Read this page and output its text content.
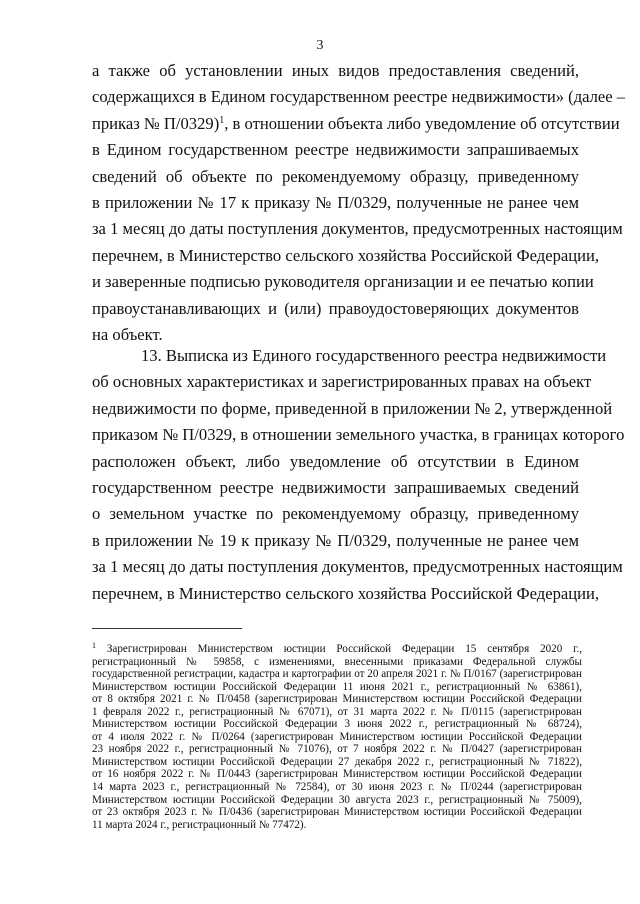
3
а также об установлении иных видов предоставления сведений,
содержащихся в Едином государственном реестре недвижимости» (далее –
приказ № П/0329)$^1$, в отношении объекта либо уведомление об отсутствии
в Едином государственном реестре недвижимости запрашиваемых
сведений об объекте по рекомендуемому образцу, приведенному
в приложении № 17 к приказу № П/0329, полученные не ранее чем
за 1 месяц до даты поступления документов, предусмотренных настоящим
перечнем, в Министерство сельского хозяйства Российской Федерации,
и заверенные подписью руководителя организации и ее печатью копии
правоустанавливающих и (или) правоудостоверяющих документов
на объект.
13. Выписка из Единого государственного реестра недвижимости
об основных характеристиках и зарегистрированных правах на объект
недвижимости по форме, приведенной в приложении № 2, утвержденной
приказом № П/0329, в отношении земельного участка, в границах которого
расположен объект, либо уведомление об отсутствии в Едином
государственном реестре недвижимости запрашиваемых сведений
о земельном участке по рекомендуемому образцу, приведенному
в приложении № 19 к приказу № П/0329, полученные не ранее чем
за 1 месяц до даты поступления документов, предусмотренных настоящим
перечнем, в Министерство сельского хозяйства Российской Федерации,
$^1$ Зарегистрирован Министерством юстиции Российской Федерации 15 сентября 2020 г.,
регистрационный № 59858, с изменениями, внесенными приказами Федеральной службы
государственной регистрации, кадастра и картографии от 20 апреля 2021 г. № П/0167 (зарегистрирован
Министерством юстиции Российской Федерации 11 июня 2021 г., регистрационный № 63861),
от 8 октября 2021 г. № П/0458 (зарегистрирован Министерством юстиции Российской Федерации
1 февраля 2022 г., регистрационный № 67071), от 31 марта 2022 г. № П/0115 (зарегистрирован
Министерством юстиции Российской Федерации 3 июня 2022 г., регистрационный № 68724),
от 4 июля 2022 г. № П/0264 (зарегистрирован Министерством юстиции Российской Федерации
23 ноября 2022 г., регистрационный № 71076), от 7 ноября 2022 г. № П/0427 (зарегистрирован
Министерством юстиции Российской Федерации 27 декабря 2022 г., регистрационный № 71822),
от 16 ноября 2022 г. № П/0443 (зарегистрирован Министерством юстиции Российской Федерации
14 марта 2023 г., регистрационный № 72584), от 30 июня 2023 г. № П/0244 (зарегистрирован
Министерством юстиции Российской Федерации 30 августа 2023 г., регистрационный № 75009),
от 23 октября 2023 г. № П/0436 (зарегистрирован Министерством юстиции Российской Федерации
11 марта 2024 г., регистрационный № 77472).
